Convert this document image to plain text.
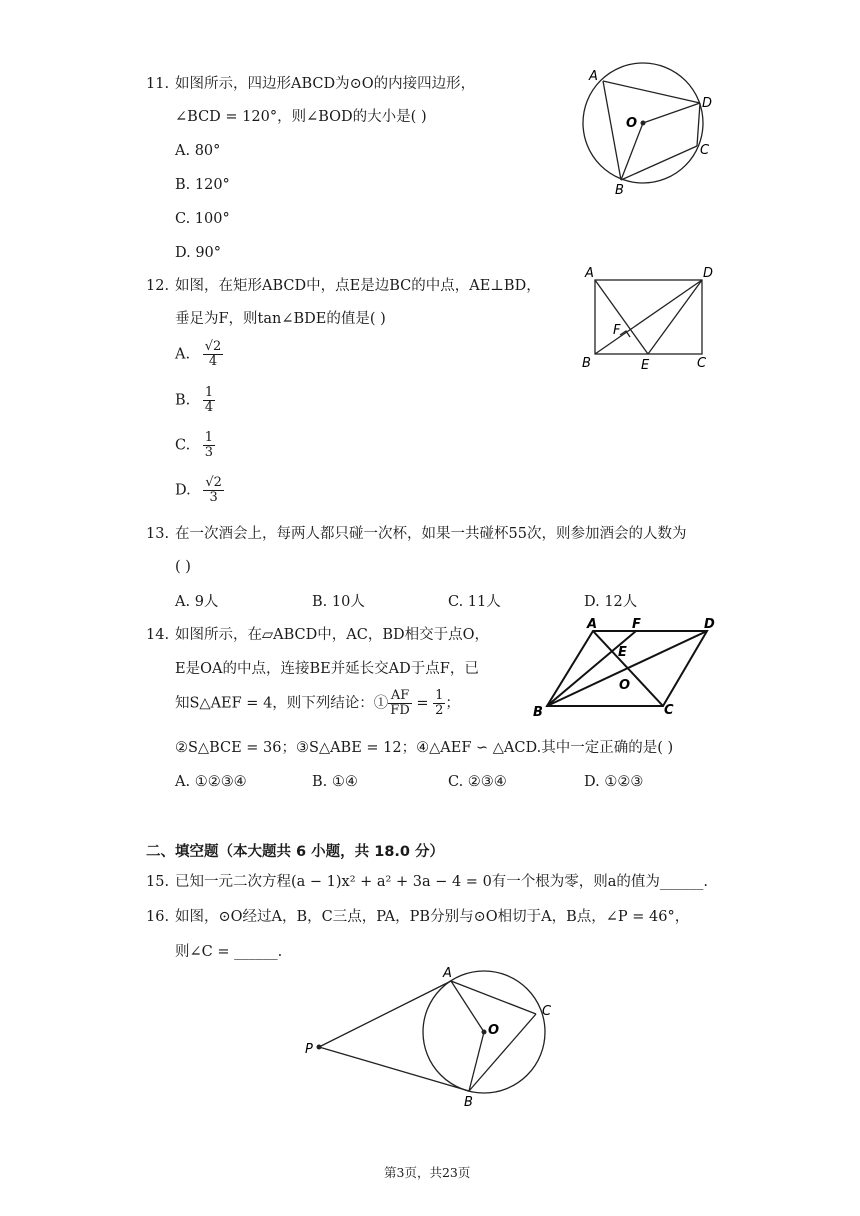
11. 如图所示，四边形ABCD为⊙O的内接四边形，
∠BCD = 120°，则∠BOD的大小是( )
A. 80°
B. 120°
C. 100°
D. 90°
A
D
C
B
O
12. 如图，在矩形ABCD中，点E是边BC的中点，AE⊥BD，
垂足为F，则tan∠BDE的值是( )
A. $\frac{√2}{4}$
B. $\frac{1}{4}$
C. $\frac{1}{3}$
D. $\frac{√2}{3}$
A	D
B	E	C
F
13. 在一次酒会上，每两人都只碰一次杯，如果一共碰杯55次，则参加酒会的人数为
( )
A. 9人	B. 10人	C. 11人	D. 12人
14. 如图所示，在▱ABCD中，AC，BD相交于点O，
E是OA的中点，连接BE并延长交AD于点F，已
知S△AEF = 4，则下列结论：① $\frac{AF}{FD} = \frac{1}{2}$ ；
②S△BCE = 36；③S△ABE = 12；④△AEF ∽ △ACD.其中一定正确的是( )
A. ①②③④	B. ①④	C. ②③④	D. ①②③
A	F	D
E
O
B	C
二、填空题（本大题共 6 小题，共 18.0 分）
15. 已知一元二次方程(a − 1)x² + a² + 3a − 4 = 0有一个根为零，则a的值为______.
16. 如图，⊙O经过A，B，C三点，PA，PB分别与⊙O相切于A，B点，∠P = 46°，
则∠C = ______.
A
C
O
P
B
第3页，共23页
